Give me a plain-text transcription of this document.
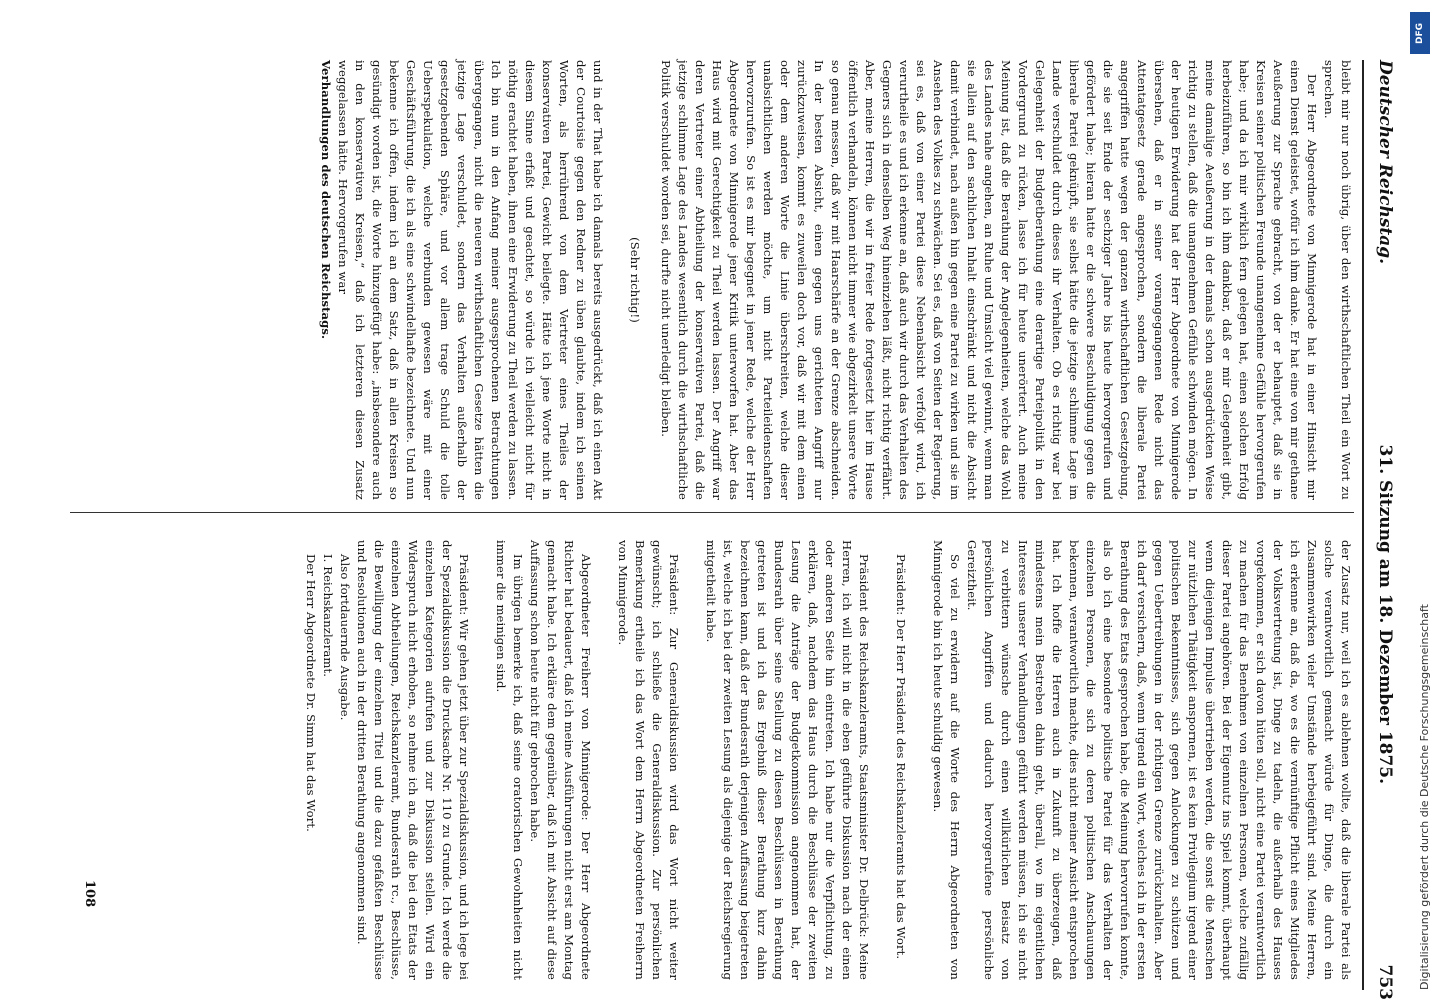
Deutscher Reichstag.
31. Sitzung am 18. Dezember 1875.
753

bleibt mir nur noch übrig, über den wirthschaftlichen Theil ein Wort zu sprechen.

Der Herr Abgeordnete von Minnigerode hat in einer Hinsicht mir einen Dienst geleistet, wofür ich ihm danke. Er hat eine von mir gethane Aeußerung zur Sprache gebracht, von der er behauptet, daß sie in Kreisen seiner politischen Freunde unangenehme Gefühle hervorgerufen habe; und da ich mir wirklich fern gelegen hat, einen solchen Erfolg herbeizuführen, so bin ich ihm dankbar, daß er mir Gelegenheit gibt, meine damalige Aeußerung in der damals schon ausgedrückten Weise richtig zu stellen, daß die unangenehmen Gefühle schwinden mögen. In der heutigen Erwiderung hat der Herr Abgeordnete von Minnigerode übersehen, daß er in seiner vorangegangenen Rede nicht das Attentatgesetz gerade angesprochen, sondern die liberale Partei angegriffen hatte wegen der ganzen wirthschaftlichen Gesetzgebung, die sie seit Ende der sechziger Jahre bis heute hervorgerufen und gefördert habe; hieran hatte er die schwere Beschuldigung gegen die liberale Partei geknüpft, sie selbst hätte die jetzige schlimme Lage im Lande verschuldet durch dieses ihr Verhalten. Ob es richtig war bei Gelegenheit der Budgetberathung eine derartige Parteipolitik in den Vordergrund zu rücken, lasse ich für heute unerörtert. Auch meine Meinung ist, daß die Berathung der Angelegenheiten, welche das Wohl des Landes nahe angehen, an Ruhe und Umsicht viel gewinnt, wenn man sie allein auf den sachlichen Inhalt einschränkt und nicht die Absicht damit verbindet, nach außen hin gegen eine Partei zu wirken und sie im Ansehen des Volkes zu schwächen. Sei es, daß von Seiten der Regierung, sei es, daß von einer Partei diese Nebenabsicht verfolgt wird, ich verurtheile es und ich erkenne an, daß auch wir durch das Verhalten des Gegners sich in denselben Weg hineinziehen läßt, nicht richtig verfährt. Aber, meine Herren, die wir in freier Rede fortgesetzt hier im Hause öffentlich verhandeln, können nicht immer wie abgezirkelt unsere Worte so genau messen, daß wir mit Haarschärfe an der Grenze abschneiden. In der besten Absicht, einen gegen uns gerichteten Angriff nur zurückzuweisen, kommt es zuweilen doch vor, daß wir mit dem einen oder dem anderen Worte die Linie überschreiten, welche dieser unabsichtlichen werden möchte, um nicht Parteileidenschaften hervorzurufen. So ist es mir begegnet in jener Rede, welche der Herr Abgeordnete von Minnigerode jener Kritik unterworfen hat. Aber das Haus wird mit Gerechtigkeit zu Theil werden lassen. Der Angriff war deren Vertreter einer Abtheilung der konservativen Partei, daß die jetzige schlimme Lage des Landes wesentlich durch die wirthschaftliche Politik verschuldet worden sei, durfte nicht unerledigt bleiben.

(Sehr richtig!)

und in der That habe ich damals bereits ausgedrückt, daß ich einen Akt der Courtoisie gegen den Redner zu üben glaubte, indem ich seinen Worten, als herrührend von dem Vertreter eines Theiles der konservativen Partei, Gewicht beilegte. Hätte ich jene Worte nicht in diesem Sinne erfaßt und geachtet, so würde ich vielleicht nicht für nöthig erachtet haben, ihnen eine Erwiderung zu Theil werden zu lassen. Ich bin nun in den Anfang meiner ausgesprochenen Betrachtungen übergegangen, nicht die neueren wirthschaftlichen Gesetze hätten die jetzige Lage verschuldet, sondern das Verhalten außerhalb der gesetzgebenden Sphäre, und vor allem trage Schuld die tolle Ueberspekulation, welche verbunden gewesen wäre mit einer Geschäftsführung, die ich als eine schwindelhafte bezeichnete. Und nun bekenne ich offen, indem ich an dem Satz, daß in allen Kreisen so gesündigt worden ist, die Worte hinzugefügt habe: „insbesondere auch in den konservativen Kreisen,“ daß ich letzteren diesen Zusatz weggelassen hätte. Hervorgerufen war

Verhandlungen des deutschen Reichstags.

der Zusatz nur, weil ich es ablehnen wollte, daß die liberale Partei als solche verantwortlich gemacht würde für Dinge, die durch ein Zusammenwirken vieler Umstände herbeigeführt sind. Meine Herren, ich erkenne an, daß da, wo es die vernünftige Pflicht eines Mitgliedes der Volksvertretung ist, Dinge zu tadeln, die außerhalb des Hauses vorgekommen, er sich davon hüten soll, nicht eine Partei verantwortlich zu machen für das Benehmen von einzelnen Personen, welche zufällig dieser Partei angehören. Bei der Eigennutz ins Spiel kommt, überhaupt wenn diejenigen Impulse übertrieben werden, die sonst die Menschen zur nützlichen Thätigkeit anspornen, ist es kein Privilegium irgend einer politischen Bekenntnisses, sich gegen Anlockungen zu schützen und gegen Uebertreibungen in der richtigen Grenze zurückzuhalten. Aber ich darf versichern, daß, wenn irgend ein Wort, welches ich in der ersten Berathung des Etats gesprochen habe, die Meinung hervorrufen konnte, als ob ich eine besondere politische Partei für das Verhalten der einzelnen Personen, die sich zu deren politischen Anschauungen bekennen, verantwortlich machte, dies nicht meiner Ansicht entsprochen hat. Ich hoffe die Herren auch in Zukunft zu überzeugen, daß mindestens mein Bestreben dahin geht, überall, wo im eigentlichen Interesse unserer Verhandlungen geführt werden müssen, ich sie nicht zu verbittern wünsche durch einen willkürlichen Beisatz von persönlichen Angriffen und dadurch hervorgerufene persönliche Gereiztheit.

So viel zu erwidern auf die Worte des Herrn Abgeordneten von Minnigerode bin ich heute schuldig gewesen.

Präsident: Der Herr Präsident des Reichskanzleramts hat das Wort.

Präsident des Reichskanzleramts, Staatsminister Dr. Delbrück: Meine Herren, ich will nicht in die eben geführte Diskussion nach der einen oder anderen Seite hin eintreten. Ich habe nur die Verpflichtung, zu erklären, daß, nachdem das Haus durch die Beschlüsse der zweiten Lesung die Anträge der Budgetkommission angenommen hat, der Bundesrath über seine Stellung zu diesen Beschlüssen in Berathung getreten ist und ich das Ergebniß dieser Berathung kurz dahin bezeichnen kann, daß der Bundesrath derjenigen Auffassung beigetreten ist, welche ich bei der zweiten Lesung als diejenige der Reichsregierung mitgetheilt habe.

Präsident: Zur Generaldiskussion wird das Wort nicht weiter gewünscht; ich schließe die Generaldiskussion. Zur persönlichen Bemerkung ertheile ich das Wort dem Herrn Abgeordneten Freiherrn von Minnigerode.

Abgeordneter Freiherr von Minnigerode: Der Herr Abgeordnete Richter hat bedauert, daß ich meine Ausführungen nicht erst am Montag gemacht habe. Ich erkläre dem gegenüber, daß ich mit Absicht auf diese Auffassung schon heute nicht für gebrochen habe.

Im übrigen bemerke ich, daß seine oratorischen Gewohnheiten nicht immer die meinigen sind.

Präsident: Wir gehen jetzt über zur Spezialdiskussion, und ich lege bei der Spezialdiskussion die Drucksache Nr. 110 zu Grunde. Ich werde die einzelnen Kategorien aufrufen und zur Diskussion stellen. Wird ein Widerspruch nicht erhoben, so nehme ich an, daß die bei den Etats der einzelnen Abtheilungen, Reichskanzleramt, Bundesrath rc., Beschlüsse, die Bewilligung der einzelnen Titel und die dazu gefaßten Beschlüsse und Resolutionen auch in der dritten Berathung angenommen sind.

Also fortdauernde Ausgabe.

I. Reichskanzleramt.

Der Herr Abgeordnete Dr. Simm hat das Wort.

108
DFG
Digitalisierung gefördert durch die Deutsche Forschungsgemeinschaft
